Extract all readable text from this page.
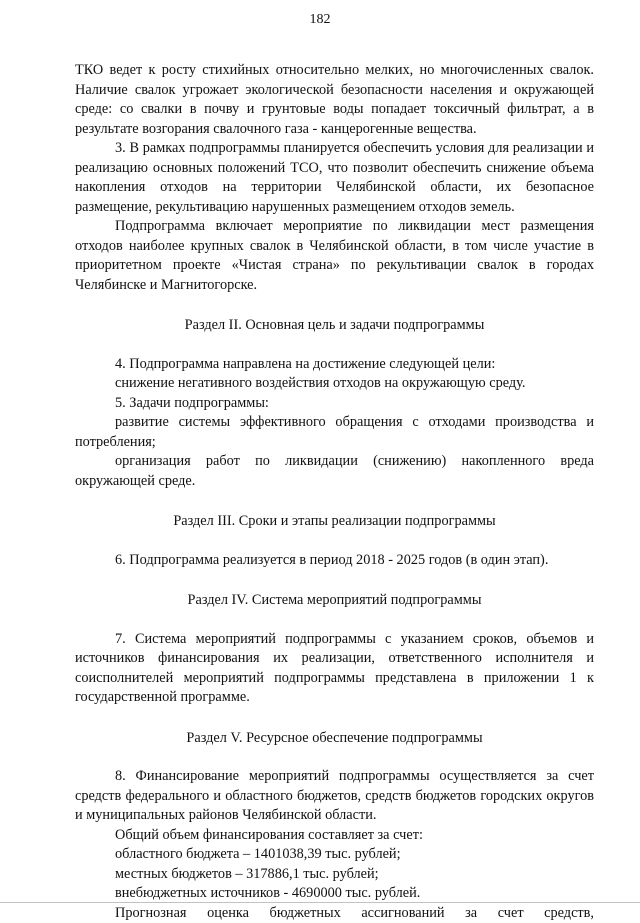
182

ТКО ведет к росту стихийных относительно мелких, но многочисленных свалок. Наличие свалок угрожает экологической безопасности населения и окружающей среде: со свалки в почву и грунтовые воды попадает токсичный фильтрат, а в результате возгорания свалочного газа - канцерогенные вещества.

3. В рамках подпрограммы планируется обеспечить условия для реализации и реализацию основных положений ТСО, что позволит обеспечить снижение объема накопления отходов на территории Челябинской области, их безопасное размещение, рекультивацию нарушенных размещением отходов земель.

Подпрограмма включает мероприятие по ликвидации мест размещения отходов наиболее крупных свалок в Челябинской области, в том числе участие в приоритетном проекте «Чистая страна» по рекультивации свалок в городах Челябинске и Магнитогорске.

Раздел II. Основная цель и задачи подпрограммы

4. Подпрограмма направлена на достижение следующей цели:

снижение негативного воздействия отходов на окружающую среду.

5. Задачи подпрограммы:

развитие системы эффективного обращения с отходами производства и потребления;

организация работ по ликвидации (снижению) накопленного вреда окружающей среде.

Раздел III. Сроки и этапы реализации подпрограммы

6. Подпрограмма реализуется в период 2018 - 2025 годов (в один этап).

Раздел IV. Система мероприятий подпрограммы

7. Система мероприятий подпрограммы с указанием сроков, объемов и источников финансирования их реализации, ответственного исполнителя и соисполнителей мероприятий подпрограммы представлена в приложении 1 к государственной программе.

Раздел V. Ресурсное обеспечение подпрограммы

8. Финансирование мероприятий подпрограммы осуществляется за счет средств федерального и областного бюджетов, средств бюджетов городских округов и муниципальных районов Челябинской области.

Общий объем финансирования составляет за счет:

областного бюджета – 1401038,39 тыс. рублей;

местных бюджетов – 317886,1 тыс. рублей;

внебюджетных источников - 4690000 тыс. рублей.

Прогнозная оценка бюджетных ассигнований за счет средств,
